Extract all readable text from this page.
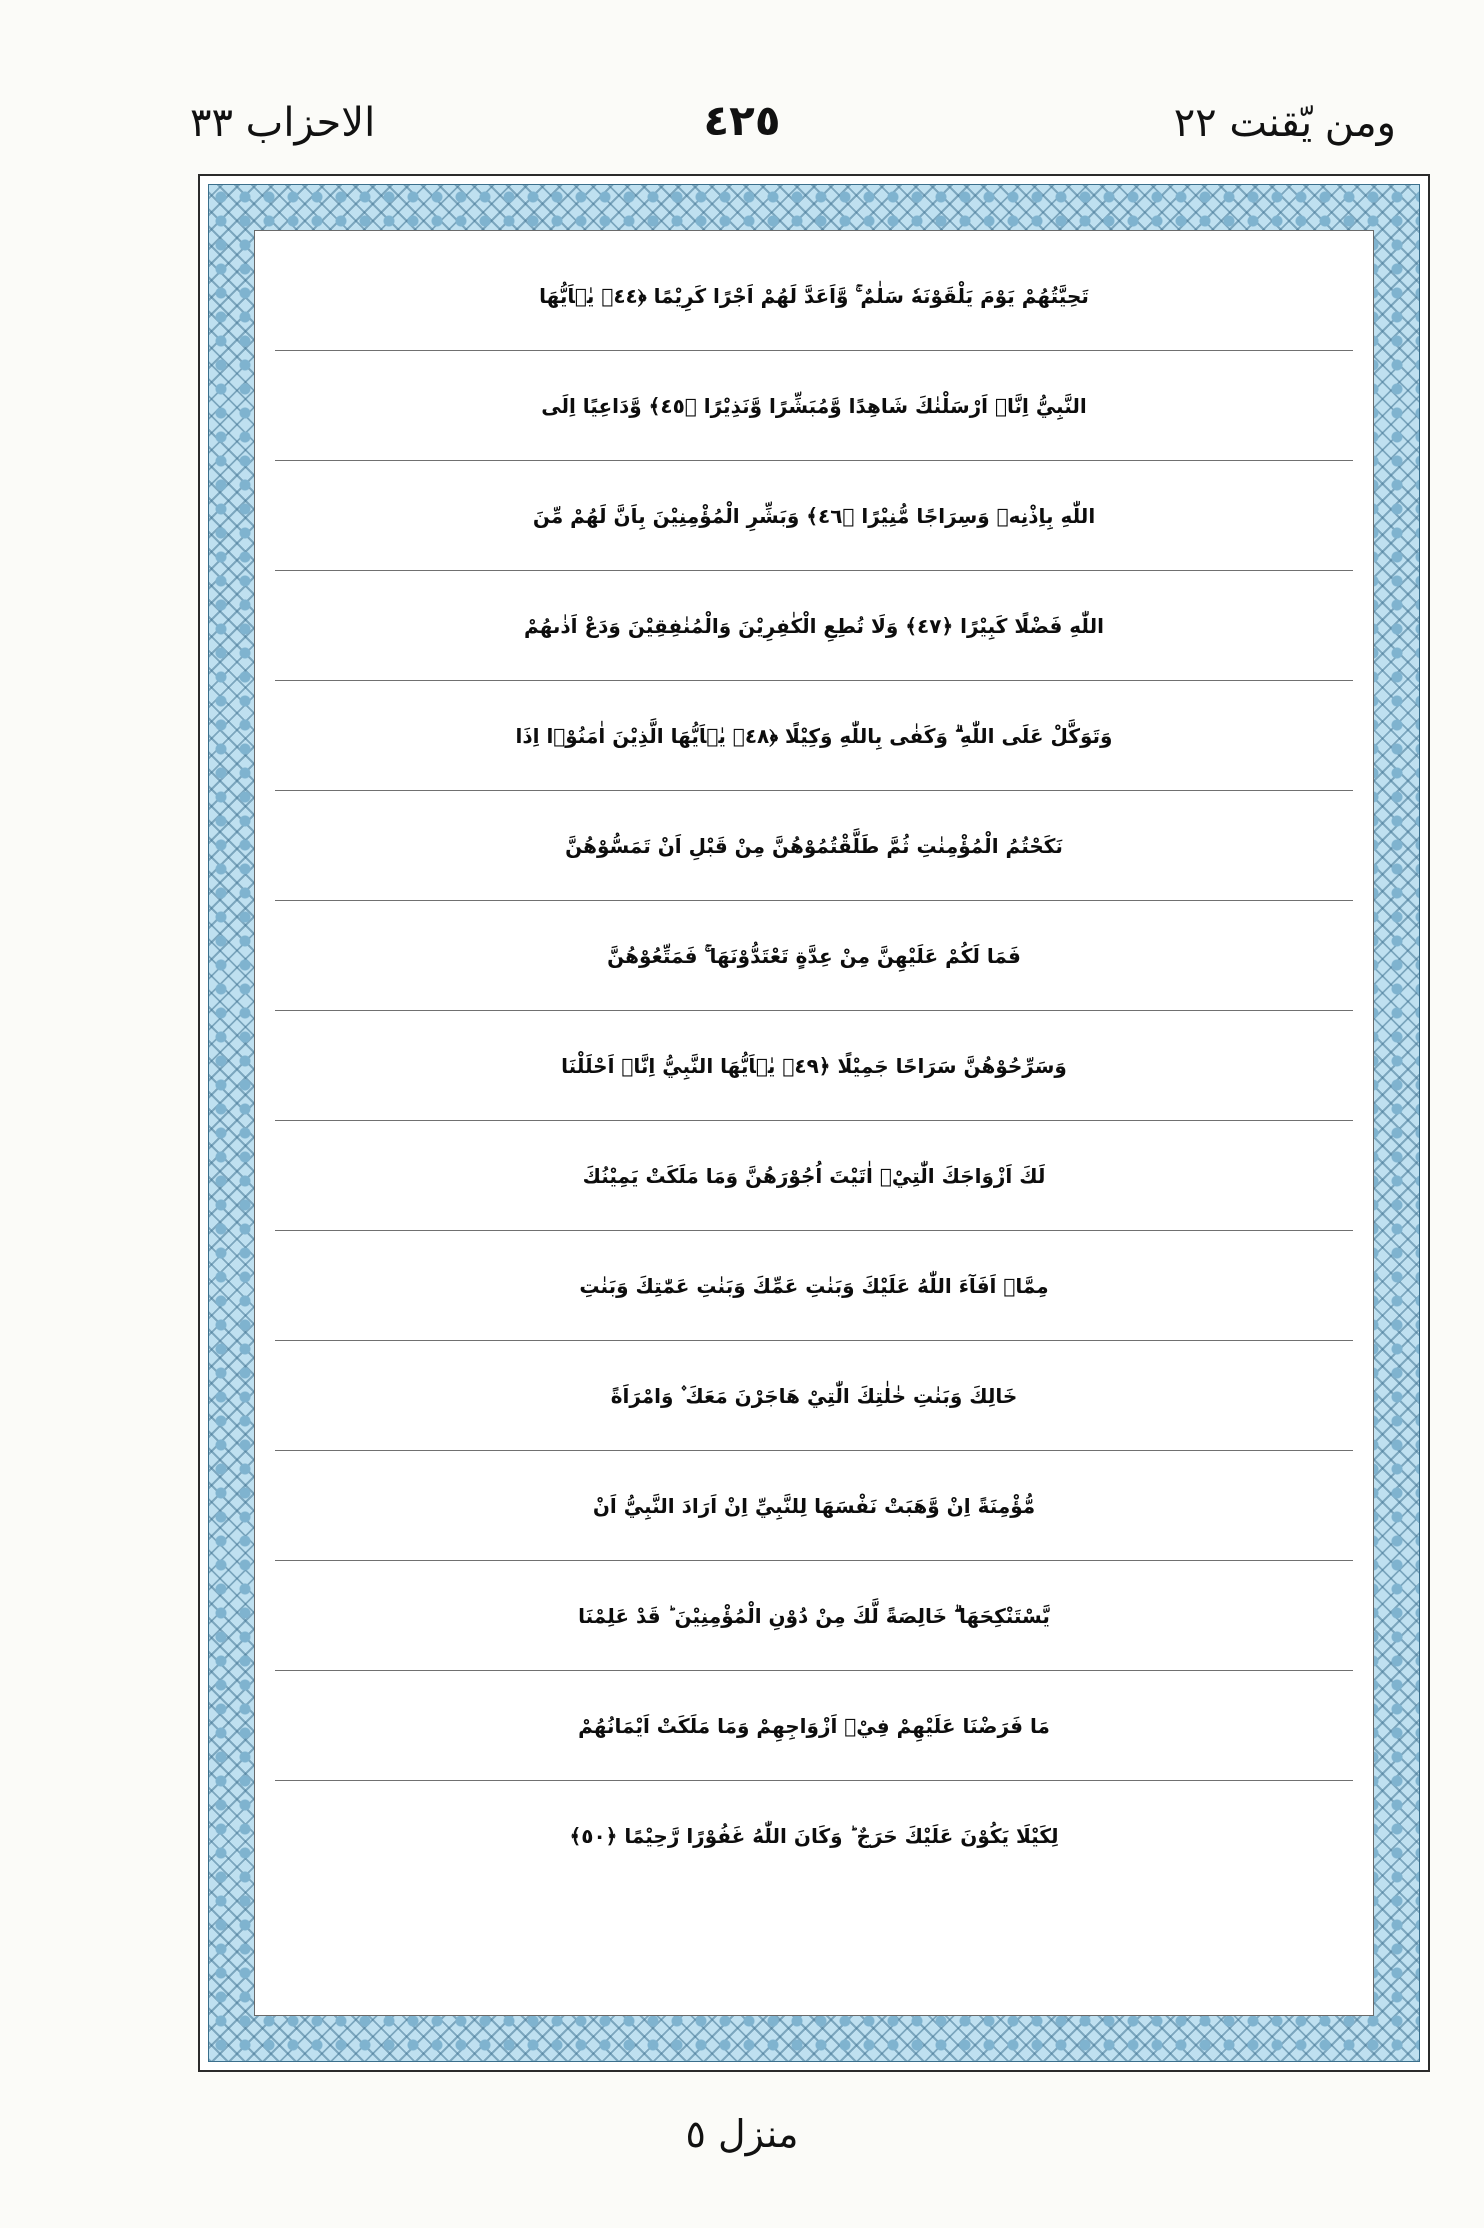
ومن يّقنت ٢٢
٤٢٥
الاحزاب ٣٣
تَحِيَّتُهُمْ يَوْمَ يَلْقَوْنَهٗ سَلٰمٌ ۚ وَّاَعَدَّ لَهُمْ اَجْرًا كَرِيْمًا ﴿٤٤﴾ يٰۤاَيُّهَا
النَّبِيُّ اِنَّاۤ اَرْسَلْنٰكَ شَاهِدًا وَّمُبَشِّرًا وَّنَذِيْرًا ﴿٤٥﴾ وَّدَاعِيًا اِلَى
اللّٰهِ بِاِذْنِهٖ وَسِرَاجًا مُّنِيْرًا ﴿٤٦﴾ وَبَشِّرِ الْمُؤْمِنِيْنَ بِاَنَّ لَهُمْ مِّنَ
اللّٰهِ فَضْلًا كَبِيْرًا ﴿٤٧﴾ وَلَا تُطِعِ الْكٰفِرِيْنَ وَالْمُنٰفِقِيْنَ وَدَعْ اَذٰىهُمْ
وَتَوَكَّلْ عَلَى اللّٰهِ ۗ وَكَفٰى بِاللّٰهِ وَكِيْلًا ﴿٤٨﴾ يٰۤاَيُّهَا الَّذِيْنَ اٰمَنُوْۤا اِذَا
نَكَحْتُمُ الْمُؤْمِنٰتِ ثُمَّ طَلَّقْتُمُوْهُنَّ مِنْ قَبْلِ اَنْ تَمَسُّوْهُنَّ
فَمَا لَكُمْ عَلَيْهِنَّ مِنْ عِدَّةٍ تَعْتَدُّوْنَهَا ۚ فَمَتِّعُوْهُنَّ
وَسَرِّحُوْهُنَّ سَرَاحًا جَمِيْلًا ﴿٤٩﴾ يٰۤاَيُّهَا النَّبِيُّ اِنَّاۤ اَحْلَلْنَا
لَكَ اَزْوَاجَكَ الّٰتِيْۤ اٰتَيْتَ اُجُوْرَهُنَّ وَمَا مَلَكَتْ يَمِيْنُكَ
مِمَّاۤ اَفَآءَ اللّٰهُ عَلَيْكَ وَبَنٰتِ عَمِّكَ وَبَنٰتِ عَمّٰتِكَ وَبَنٰتِ
خَالِكَ وَبَنٰتِ خٰلٰتِكَ الّٰتِيْ هَاجَرْنَ مَعَكَ ۫ وَامْرَاَةً
مُّؤْمِنَةً اِنْ وَّهَبَتْ نَفْسَهَا لِلنَّبِيِّ اِنْ اَرَادَ النَّبِيُّ اَنْ
يَّسْتَنْكِحَهَا ۗ خَالِصَةً لَّكَ مِنْ دُوْنِ الْمُؤْمِنِيْنَ ؕ قَدْ عَلِمْنَا
مَا فَرَضْنَا عَلَيْهِمْ فِيْۤ اَزْوَاجِهِمْ وَمَا مَلَكَتْ اَيْمَانُهُمْ
لِكَيْلَا يَكُوْنَ عَلَيْكَ حَرَجٌ ؕ وَكَانَ اللّٰهُ غَفُوْرًا رَّحِيْمًا ﴿٥٠﴾
منزل ٥
